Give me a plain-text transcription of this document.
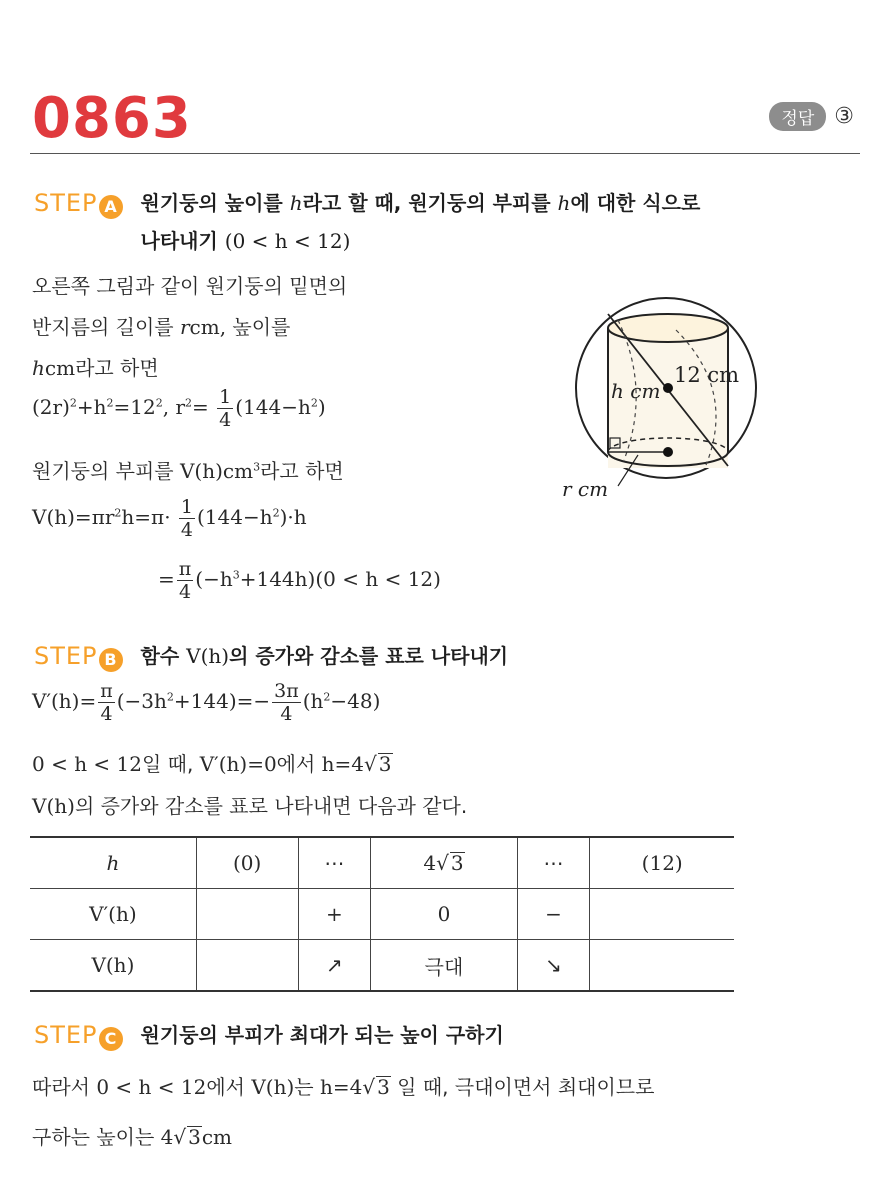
0863	정답 ③
STEP A 원기둥의 높이를 h라고 할 때, 원기둥의 부피를 h에 대한 식으로
나타내기 (0 < h < 12)
오른쪽 그림과 같이 원기둥의 밑면의
반지름의 길이를 rcm, 높이를
hcm라고 하면
$(2r)^2+h^2=12^2$, $r^2= \frac{1}{4} (144-h^2)$
원기둥의 부피를 $V(h)cm^3$라고 하면
$V(h)=\pi r^2h=\pi\cdot \frac{1}{4} (144-h^2)\cdot h$
= $\frac{\pi}{4} (-h^3+144h)(0 < h < 12)$
12 cm
h cm
r cm
STEP B 함수 V(h)의 증가와 감소를 표로 나타내기
$V'(h)= \frac{\pi}{4} (-3h^2+144)=- \frac{3\pi}{4} (h^2-48)$
0 < h < 12일 때, V′(h)=0에서 h=4√ 3
V(h)의 증가와 감소를 표로 나타내면 다음과 같다.
h	(0)	⋯	4√ 3	⋯	(12)
V′(h)		+	0	−	
V(h)		↗	극대	↘	
STEP C	원기둥의 부피가 최대가 되는 높이 구하기
따라서 0 < h < 12에서 V(h)는 h=4√ 3 일 때, 극대이면서 최대이므로
구하는 높이는 4√ 3cm
